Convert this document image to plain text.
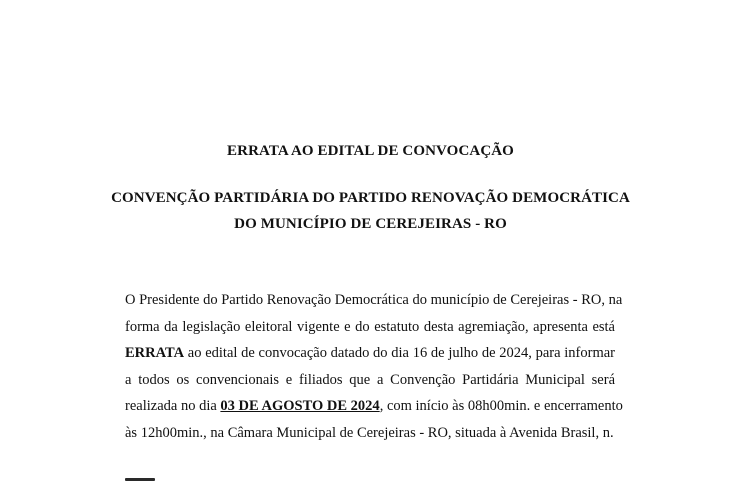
ERRATA AO EDITAL DE CONVOCAÇÃO
CONVENÇÃO PARTIDÁRIA DO PARTIDO RENOVAÇÃO DEMOCRÁTICA
DO MUNICÍPIO DE CEREJEIRAS - RO
O Presidente do Partido Renovação Democrática do município de Cerejeiras - RO, na
forma da legislação eleitoral vigente e do estatuto desta agremiação, apresenta está
ERRATA ao edital de convocação datado do dia 16 de julho de 2024, para informar
a todos os convencionais e filiados que a Convenção Partidária Municipal será
realizada no dia 03 DE AGOSTO DE 2024, com início às 08h00min. e encerramento
às 12h00min., na Câmara Municipal de Cerejeiras - RO, situada à Avenida Brasil, n.
